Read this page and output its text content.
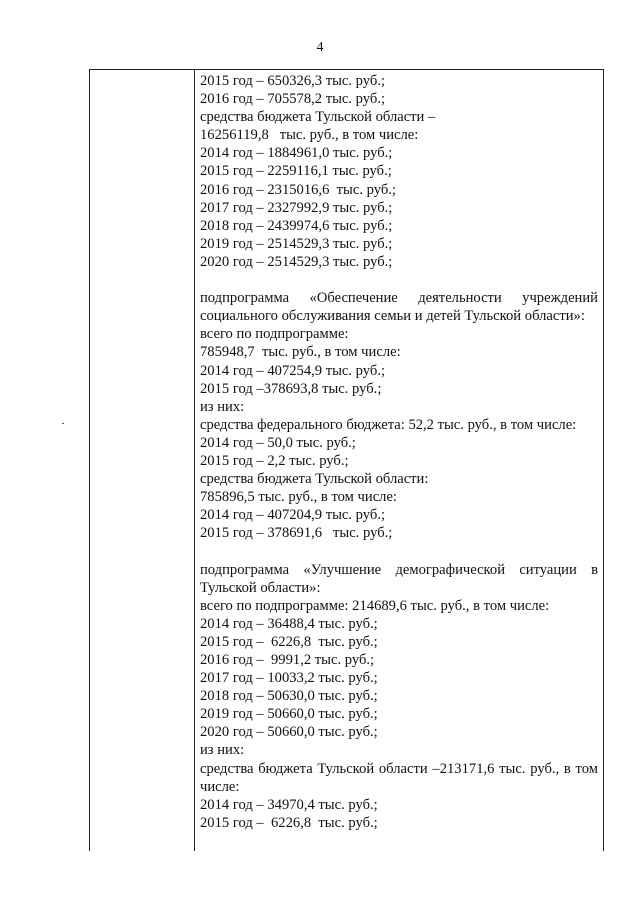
4
2015 год – 650326,3 тыс. руб.;
2016 год – 705578,2 тыс. руб.;
средства бюджета Тульской области –
16256119,8   тыс. руб., в том числе:
2014 год – 1884961,0 тыс. руб.;
2015 год – 2259116,1 тыс. руб.;
2016 год – 2315016,6  тыс. руб.;
2017 год – 2327992,9 тыс. руб.;
2018 год – 2439974,6 тыс. руб.;
2019 год – 2514529,3 тыс. руб.;
2020 год – 2514529,3 тыс. руб.;
подпрограмма «Обеспечение деятельности учреждений социального обслуживания семьи и детей Тульской области»:
всего по подпрограмме:
785948,7  тыс. руб., в том числе:
2014 год – 407254,9 тыс. руб.;
2015 год –378693,8 тыс. руб.;
из них:
средства федерального бюджета: 52,2 тыс. руб., в том числе:
2014 год – 50,0 тыс. руб.;
2015 год – 2,2 тыс. руб.;
средства бюджета Тульской области:
785896,5 тыс. руб., в том числе:
2014 год – 407204,9 тыс. руб.;
2015 год – 378691,6   тыс. руб.;
подпрограмма «Улучшение демографической ситуации в Тульской области»:
всего по подпрограмме: 214689,6 тыс. руб., в том числе:
2014 год – 36488,4 тыс. руб.;
2015 год –  6226,8  тыс. руб.;
2016 год –  9991,2 тыс. руб.;
2017 год – 10033,2 тыс. руб.;
2018 год – 50630,0 тыс. руб.;
2019 год – 50660,0 тыс. руб.;
2020 год – 50660,0 тыс. руб.;
из них:
средства бюджета Тульской области –213171,6 тыс. руб., в том числе:
2014 год – 34970,4 тыс. руб.;
2015 год –  6226,8  тыс. руб.;
